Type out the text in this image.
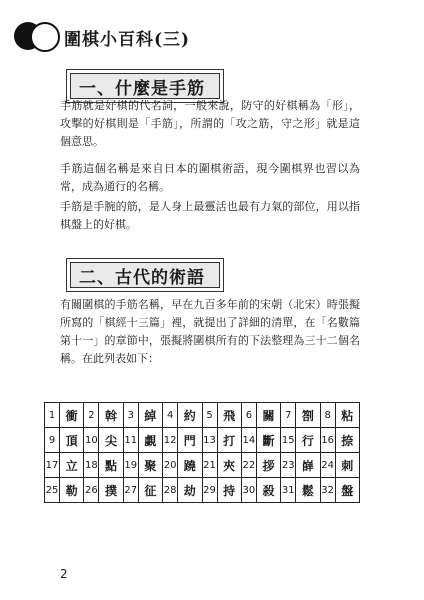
圍棋小百科(三)
一、什麼是手筋

手筋就是好棋的代名詞，一般來說，防守的好棋稱為「形」，攻擊的好棋則是「手筋」，所謂的「攻之筋，守之形」就是這個意思。

手筋這個名稱是來自日本的圍棋術語，現今圍棋界也習以為常，成為通行的名稱。

手筋是手腕的筋，是人身上最靈活也最有力氣的部位，用以指棋盤上的好棋。

二、古代的術語

有關圍棋的手筋名稱，早在九百多年前的宋朝（北宋）時張擬所寫的「棋經十三篇」裡，就提出了詳細的清單，在「名數篇第十一」的章節中，張擬將圍棋所有的下法整理為三十二個名稱。在此列表如下：

1	衝	2	斡	3	綽	4	約	5	飛	6	關	7	劄	8	粘
9	頂	10	尖	11	覷	12	門	13	打	14	斷	15	行	16	捺
17	立	18	點	19	聚	20	蹺	21	夾	22	拶	23	嶭	24	刺
25	勒	26	撲	27	征	28	劫	29	持	30	殺	31	鬆	32	盤
2
